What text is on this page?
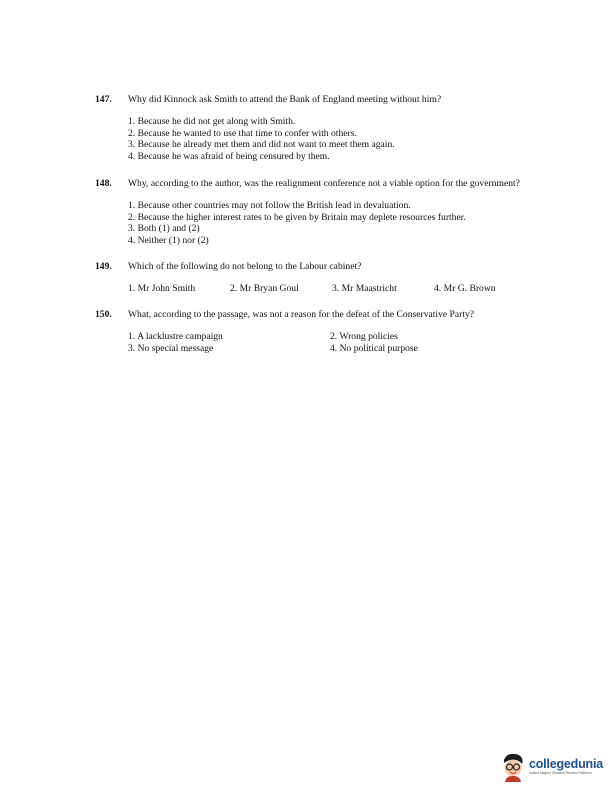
147.	Why did Kinnock ask Smith to attend the Bank of England meeting without him?
1. Because he did not get along with Smith.
2. Because he wanted to use that time to confer with others.
3. Because he already met them and did not want to meet them again.
4. Because he was afraid of being censured by them.
148.	Why, according to the author, was the realignment conference not a viable option for the government?
1. Because other countries may not follow the British lead in devaluation.
2. Because the higher interest rates to be given by Britain may deplete resources further.
3. Both (1) and (2)
4. Neither (1) nor (2)
149.	Which of the following do not belong to the Labour cabinet?
1. Mr John Smith	2. Mr Bryan Goul	3. Mr Maastricht	4. Mr G. Brown
150.	What, according to the passage, was not a reason for the defeat of the Conservative Party?
1. A lacklustre campaign	2. Wrong policies
3. No special message	4. No political purpose
collegedunia
India's largest Student Review Platform
